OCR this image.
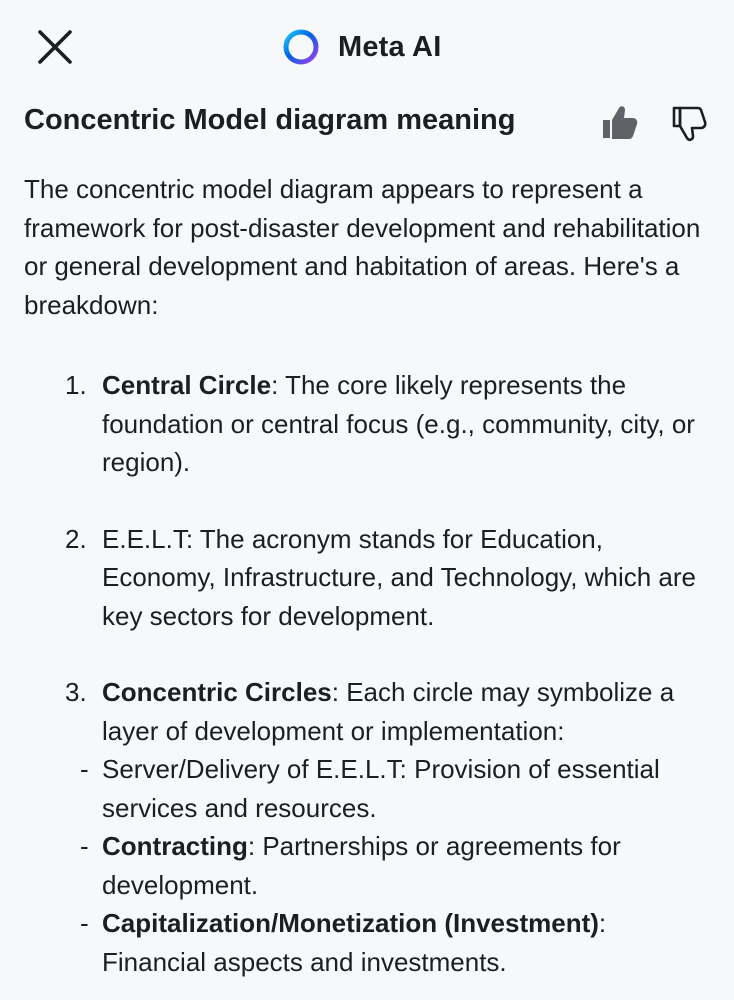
Meta AI
Concentric Model diagram meaning

The concentric model diagram appears to represent a framework for post-disaster development and rehabilitation or general development and habitation of areas. Here's a breakdown:

1. Central Circle: The core likely represents the foundation or central focus (e.g., community, city, or region).
2. E.E.L.T: The acronym stands for Education, Economy, Infrastructure, and Technology, which are key sectors for development.
3. Concentric Circles: Each circle may symbolize a layer of development or implementation:
- Server/Delivery of E.E.L.T: Provision of essential services and resources.
- Contracting: Partnerships or agreements for development.
- Capitalization/Monetization (Investment): Financial aspects and investments.
